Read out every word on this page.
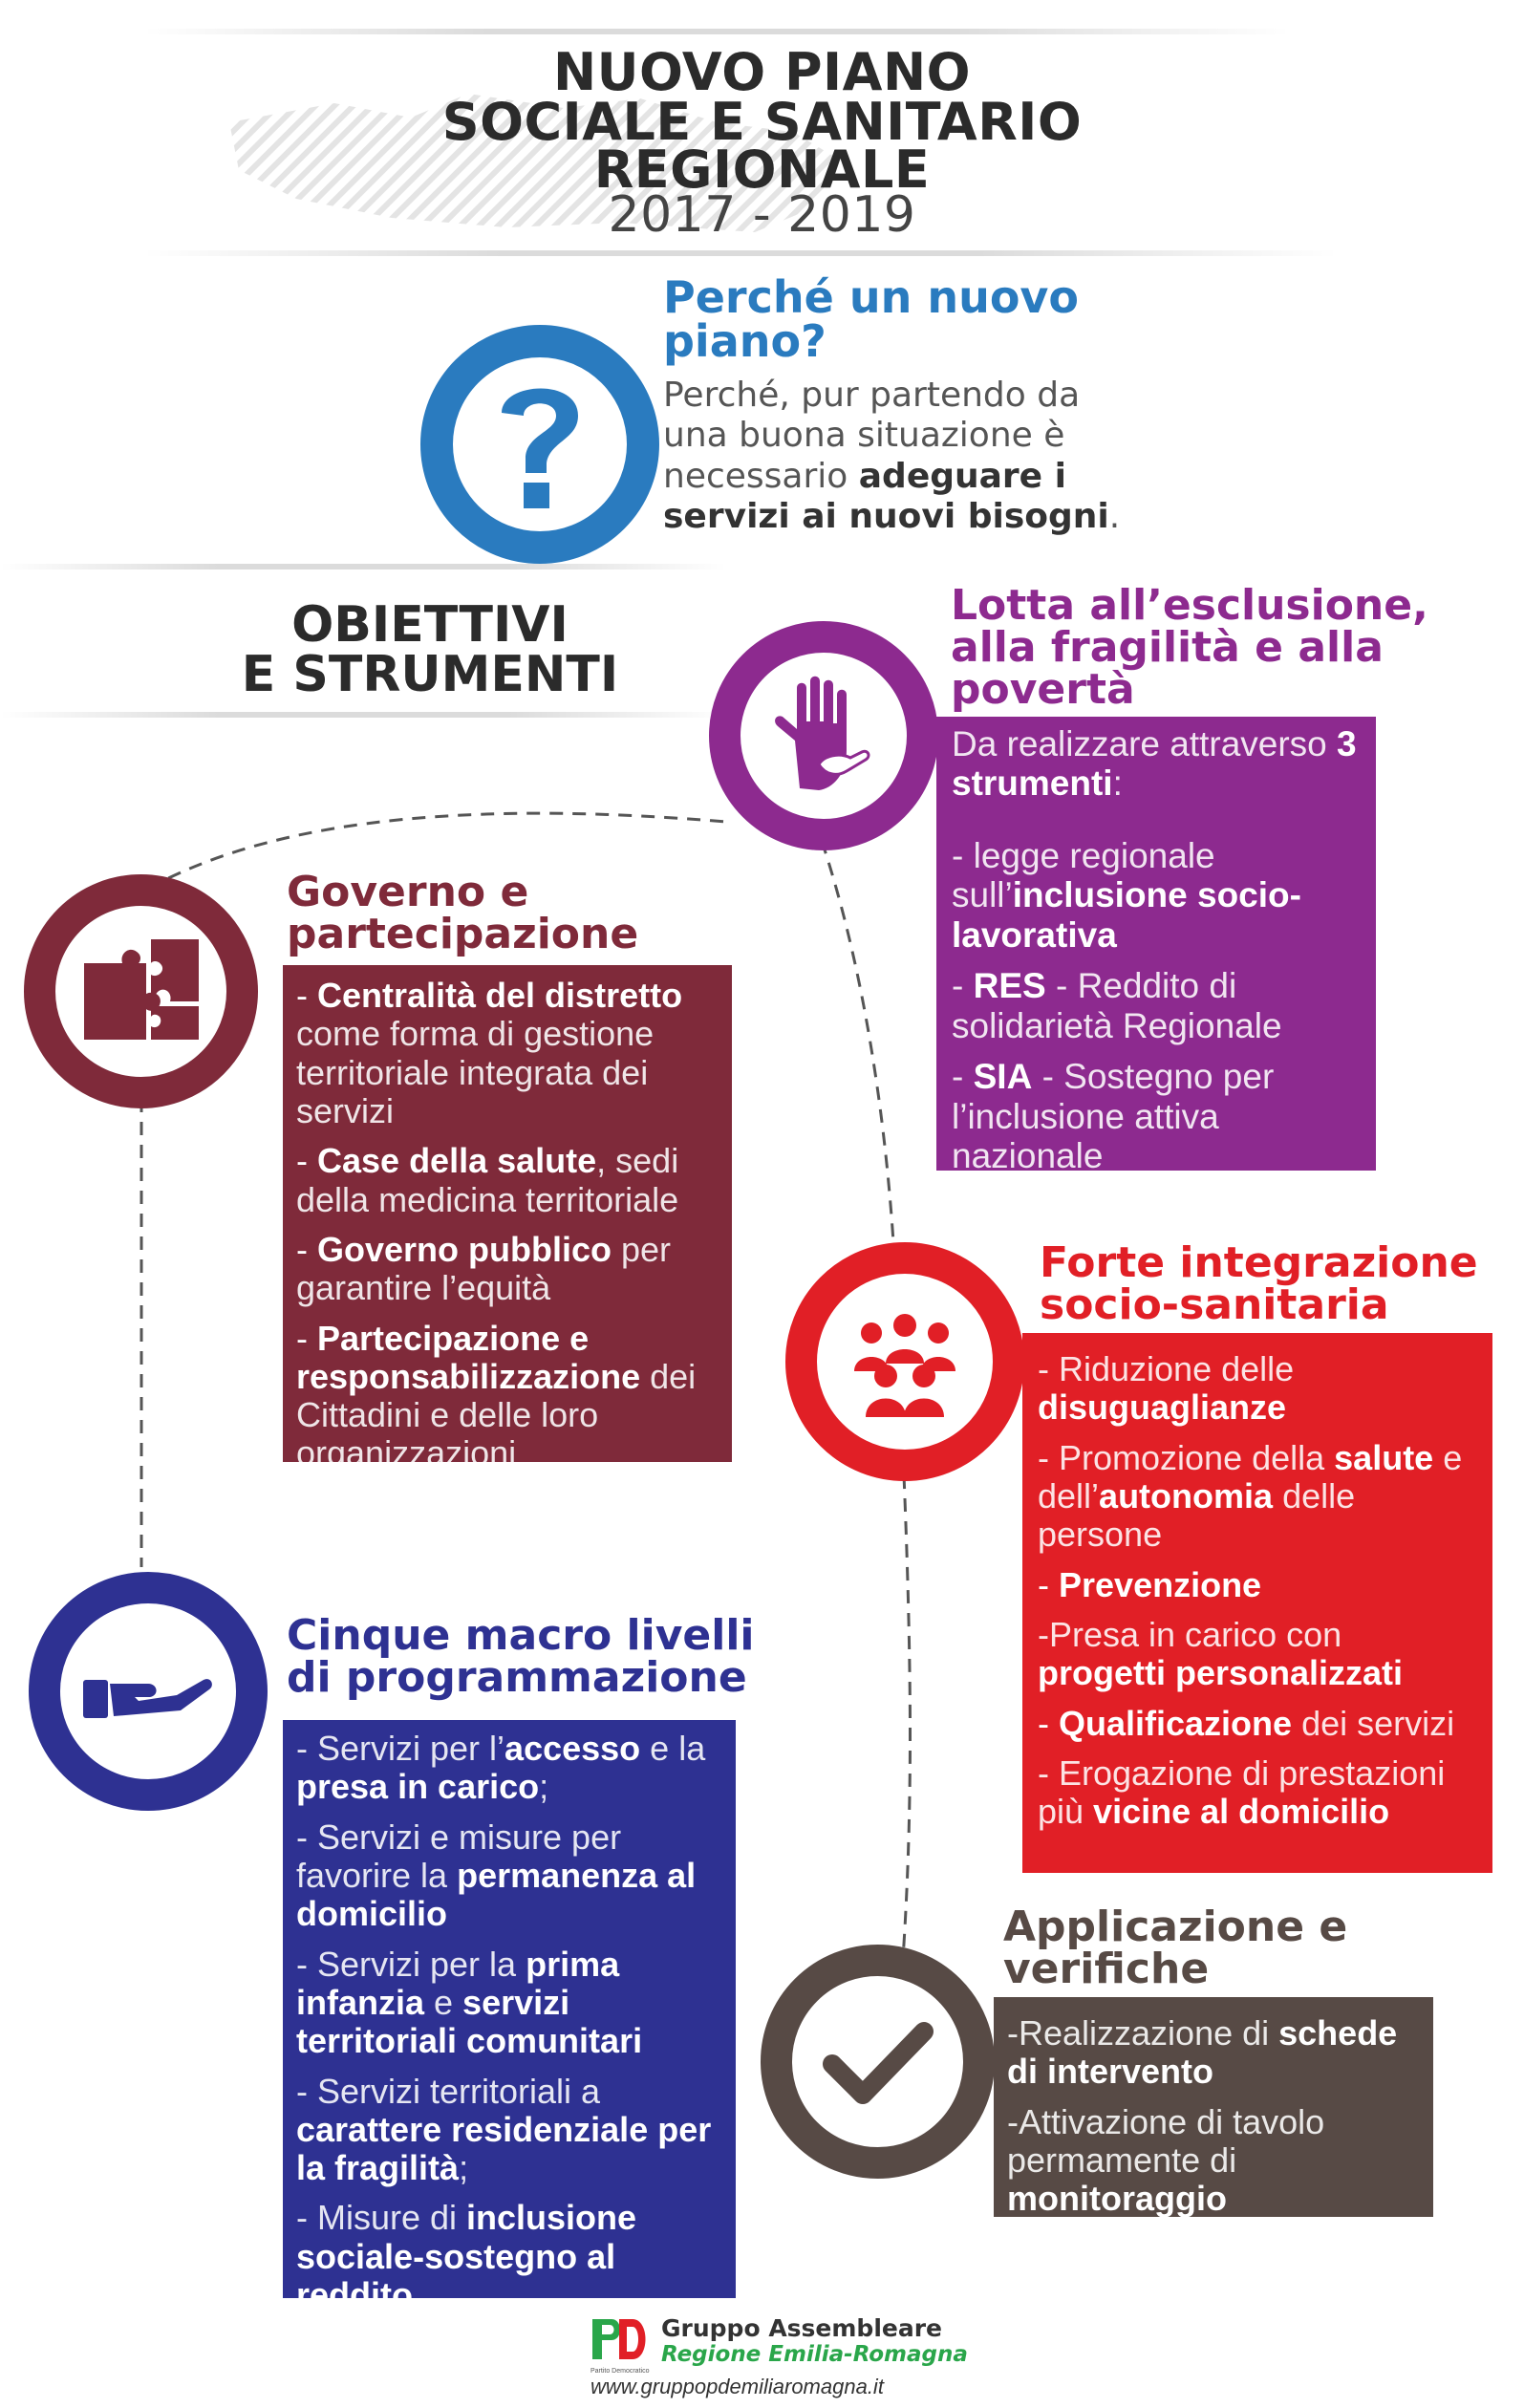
NUOVO PIANO
SOCIALE E SANITARIO
REGIONALE
2017 - 2019
Perché un nuovo
piano?
Perché, pur partendo da
una buona situazione è
necessario adeguare i
servizi ai nuovi bisogni.
OBIETTIVI
E STRUMENTI
Lotta all’esclusione,
alla fragilità e alla
povertà

Da realizzare attraverso 3 strumenti:

- legge regionale sull’inclusione socio-lavorativa

- RES - Reddito di solidarietà Regionale

- SIA - Sostegno per l’inclusione attiva nazionale

Governo e
partecipazione

- Centralità del distretto come forma di gestione territoriale integrata dei servizi

- Case della salute, sedi della medicina territoriale

- Governo pubblico per garantire l’equità

- Partecipazione e responsabilizzazione dei Cittadini e delle loro organizzazioni

Forte integrazione
socio-sanitaria

- Riduzione delle disuguaglianze

- Promozione della salute e dell’autonomia delle persone

- Prevenzione

-Presa in carico con progetti personalizzati

- Qualificazione dei servizi

- Erogazione di prestazioni più vicine al domicilio

Cinque macro livelli
di programmazione

- Servizi per l’accesso e la presa in carico;

- Servizi e misure per favorire la permanenza al domicilio

- Servizi per la prima infanzia e servizi territoriali comunitari

- Servizi territoriali a carattere residenziale per la fragilità;

- Misure di inclusione sociale-sostegno al reddito.

Applicazione e
verifiche

-Realizzazione di schede di intervento

-Attivazione di tavolo permamente di monitoraggio

Partito Democratico
Gruppo Assembleare
Regione Emilia-Romagna
www.gruppopdemiliaromagna.it
